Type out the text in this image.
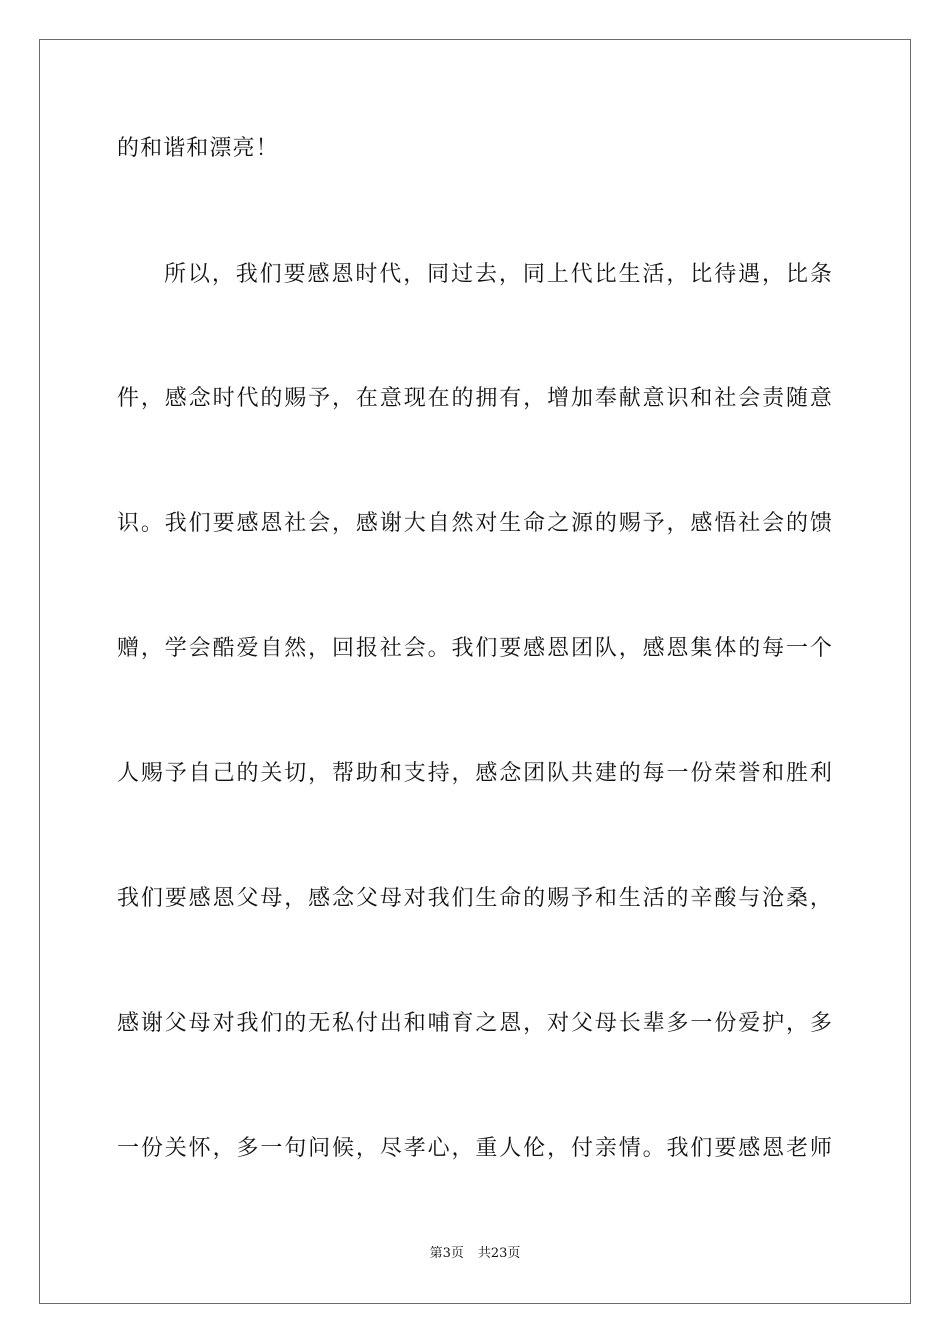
的和谐和漂亮！
所以，我们要感恩时代，同过去，同上代比生活，比待遇，比条
件，感念时代的赐予，在意现在的拥有，增加奉献意识和社会责随意
识。我们要感恩社会，感谢大自然对生命之源的赐予，感悟社会的馈
赠，学会酷爱自然，回报社会。我们要感恩团队，感恩集体的每一个
人赐予自己的关切，帮助和支持，感念团队共建的每一份荣誉和胜利
我们要感恩父母，感念父母对我们生命的赐予和生活的辛酸与沧桑，
感谢父母对我们的无私付出和哺育之恩，对父母长辈多一份爱护，多
一份关怀，多一句问候，尽孝心，重人伦，付亲情。我们要感恩老师
第3页 共23页
